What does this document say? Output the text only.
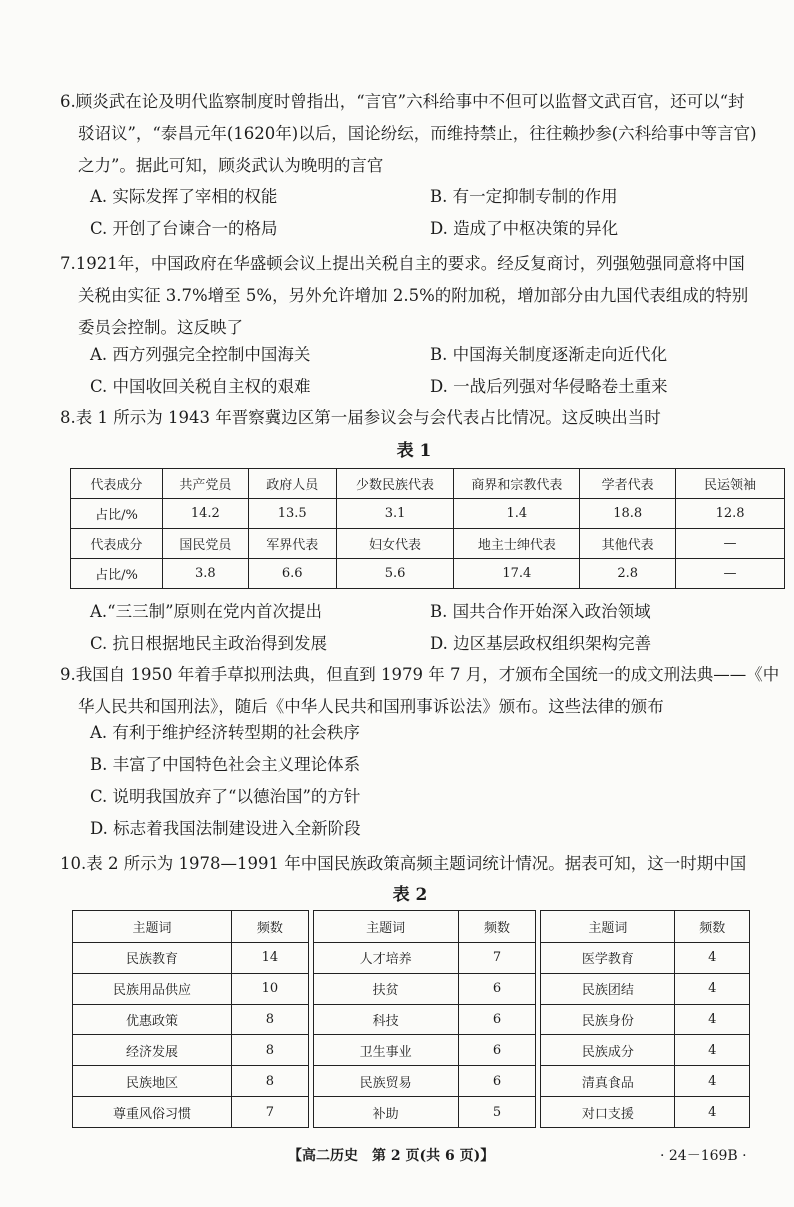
6.顾炎武在论及明代监察制度时曾指出，“言官”六科给事中不但可以监督文武百官，还可以“封
驳诏议”，“泰昌元年(1620年)以后，国论纷纭，而维持禁止，往往赖抄参(六科给事中等言官)
之力”。据此可知，顾炎武认为晚明的言官
A. 实际发挥了宰相的权能	B. 有一定抑制专制的作用
C. 开创了台谏合一的格局	D. 造成了中枢决策的异化
7.1921年，中国政府在华盛顿会议上提出关税自主的要求。经反复商讨，列强勉强同意将中国
关税由实征 3.7%增至 5%，另外允许增加 2.5%的附加税，增加部分由九国代表组成的特别
委员会控制。这反映了
A. 西方列强完全控制中国海关	B. 中国海关制度逐渐走向近代化
C. 中国收回关税自主权的艰难	D. 一战后列强对华侵略卷土重来
8.表 1 所示为 1943 年晋察冀边区第一届参议会与会代表占比情况。这反映出当时
表 1
代表成分	共产党员	政府人员	少数民族代表	商界和宗教代表	学者代表	民运领袖
占比/%	14.2	13.5	3.1	1.4	18.8	12.8
代表成分	国民党员	军界代表	妇女代表	地主士绅代表	其他代表	—
占比/%	3.8	6.6	5.6	17.4	2.8	—
A.“三三制”原则在党内首次提出	B. 国共合作开始深入政治领域
C. 抗日根据地民主政治得到发展	D. 边区基层政权组织架构完善
9.我国自 1950 年着手草拟刑法典，但直到 1979 年 7 月，才颁布全国统一的成文刑法典——《中
华人民共和国刑法》，随后《中华人民共和国刑事诉讼法》颁布。这些法律的颁布
A. 有利于维护经济转型期的社会秩序
B. 丰富了中国特色社会主义理论体系
C. 说明我国放弃了“以德治国”的方针
D. 标志着我国法制建设进入全新阶段
10.表 2 所示为 1978—1991 年中国民族政策高频主题词统计情况。据表可知，这一时期中国
表 2
主题词	频数
民族教育	14
民族用品供应	10
优惠政策	8
经济发展	8
民族地区	8
尊重风俗习惯	7
主题词	频数
人才培养	7
扶贫	6
科技	6
卫生事业	6
民族贸易	6
补助	5
主题词	频数
医学教育	4
民族团结	4
民族身份	4
民族成分	4
清真食品	4
对口支援	4
【高二历史　第 2 页(共 6 页)】	· 24－169B ·
